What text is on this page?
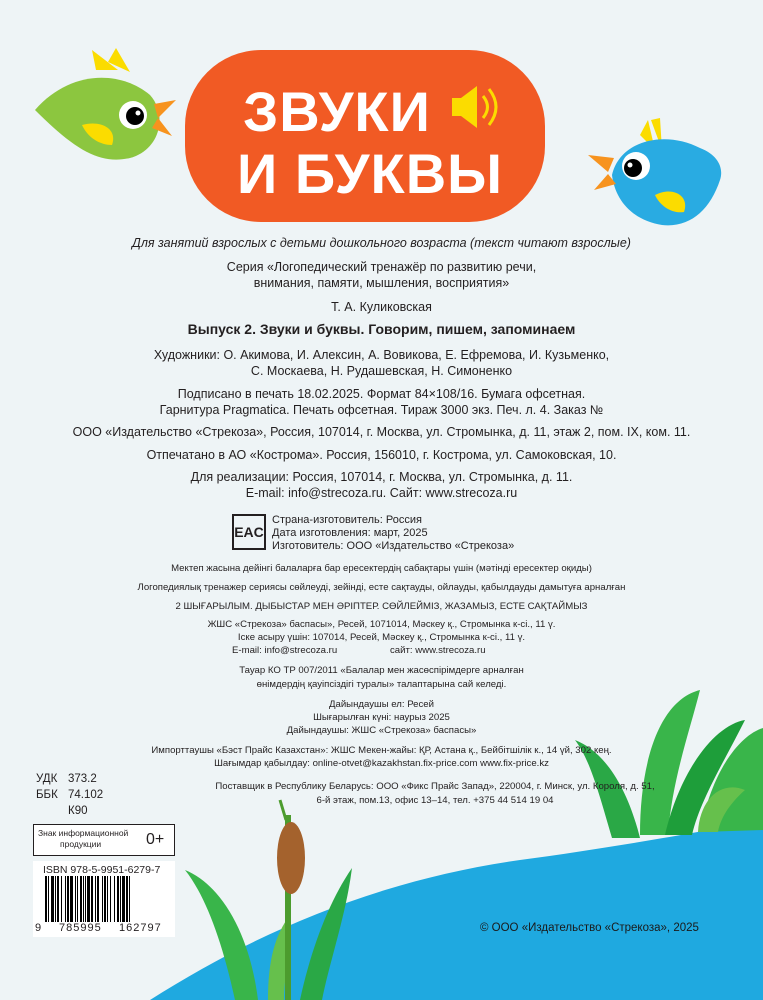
ЗВУКИ
И БУКВЫ
Для занятий взрослых с детьми дошкольного возраста (текст читают взрослые)
Серия «Логопедический тренажёр по развитию речи,
внимания, памяти, мышления, восприятия»
Т. А. Куликовская
Выпуск 2. Звуки и буквы. Говорим, пишем, запоминаем
Художники: О. Акимова, И. Алексин, А. Вовикова, Е. Ефремова, И. Кузьменко,
С. Москаева, Н. Рудашевская, Н. Симоненко
Подписано в печать 18.02.2025. Формат 84×108/16. Бумага офсетная.
Гарнитура Pragmatica. Печать офсетная. Тираж 3000 экз. Печ. л. 4. Заказ №
ООО «Издательство «Стрекоза», Россия, 107014, г. Москва, ул. Стромынка, д. 11, этаж 2, пом. IX, ком. 11.
Отпечатано в АО «Кострома». Россия, 156010, г. Кострома, ул. Самоковская, 10.
Для реализации: Россия, 107014, г. Москва, ул. Стромынка, д. 11.
E-mail: info@strecoza.ru. Сайт: www.strecoza.ru
EAC
Страна-изготовитель: Россия
Дата изготовления: март, 2025
Изготовитель: ООО «Издательство «Стрекоза»
Мектеп жасына дейінгі балаларға бар ересектердің сабақтары үшін (мәтінді ересектер оқиды)
Логопедиялық тренажер сериясы сөйлеуді, зейінді, есте сақтауды, ойлауды, қабылдауды дамытуға арналған
2 ШЫҒАРЫЛЫМ. ДЫБЫСТАР МЕН ӘРІПТЕР. СӨЙЛЕЙМІЗ, ЖАЗАМЫЗ, ЕСТЕ САҚТАЙМЫЗ
ЖШС «Стрекоза» баспасы», Ресей, 1071014, Мәскеу қ., Стромынка к-сі., 11 ү.
Іске асыру үшін: 107014, Ресей, Мәскеу қ., Стромынка к-сі., 11 ү.
E-mail: info@strecoza.ru	сайт: www.strecoza.ru
Тауар КО ТР 007/2011 «Балалар мен жасөспірімдерге арналған
өнімдердің қауіпсіздігі туралы» талаптарына сай келеді.
Дайындаушы ел: Ресей
Шығарылған күні: наурыз 2025
Дайындаушы: ЖШС «Стрекоза» баспасы»
Импорттаушы «Бэст Прайс Казахстан»: ЖШС Мекен-жайы: ҚР, Астана қ., Бейбітшілік к., 14 үй, 302 кең.
Шағымдар қабылдау: online-otvet@kazakhstan.fix-price.com www.fix-price.kz
Поставщик в Республику Беларусь: ООО «Фикс Прайс Запад», 220004, г. Минск, ул. Короля, д. 51,
6-й этаж, пом.13, офис 13–14, тел. +375 44 514 19 04
УДК 373.2
ББК 74.102
К90
Знак информационной
продукции	0+
ISBN 978-5-9951-6279-7
9 785995 162797	© ООО «Издательство «Стрекоза», 2025
